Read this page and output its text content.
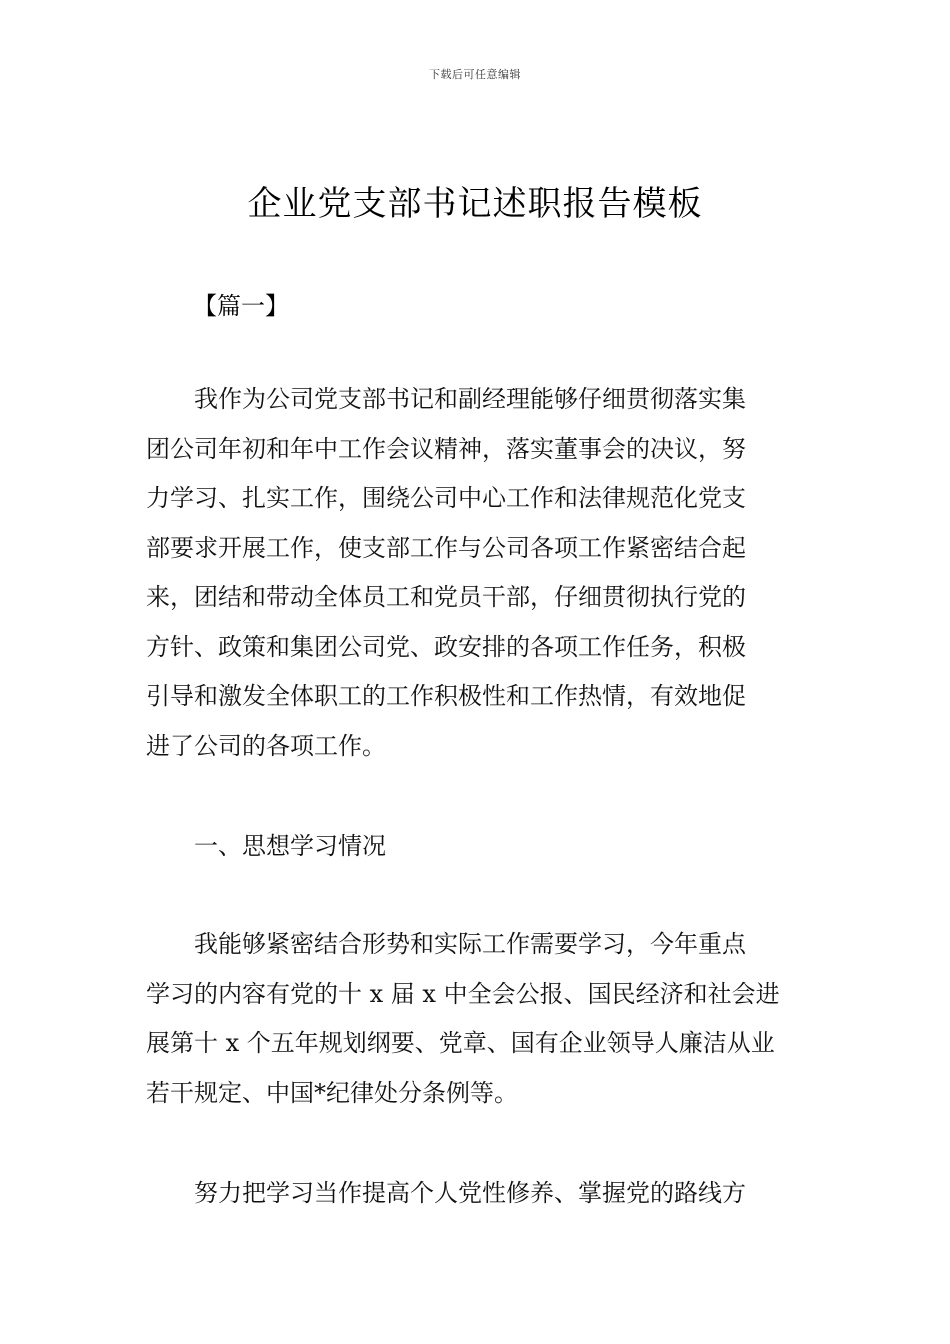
下载后可任意编辑
企业党支部书记述职报告模板
【篇一】
我作为公司党支部书记和副经理能够仔细贯彻落实集
团公司年初和年中工作会议精神，落实董事会的决议，努
力学习、扎实工作，围绕公司中心工作和法律规范化党支
部要求开展工作，使支部工作与公司各项工作紧密结合起
来，团结和带动全体员工和党员干部，仔细贯彻执行党的
方针、政策和集团公司党、政安排的各项工作任务，积极
引导和激发全体职工的工作积极性和工作热情，有效地促
进了公司的各项工作。
一、思想学习情况
我能够紧密结合形势和实际工作需要学习，今年重点
学习的内容有党的十 x 届 x 中全会公报、国民经济和社会进
展第十 x 个五年规划纲要、党章、国有企业领导人廉洁从业
若干规定、中国*纪律处分条例等。
努力把学习当作提高个人党性修养、掌握党的路线方
